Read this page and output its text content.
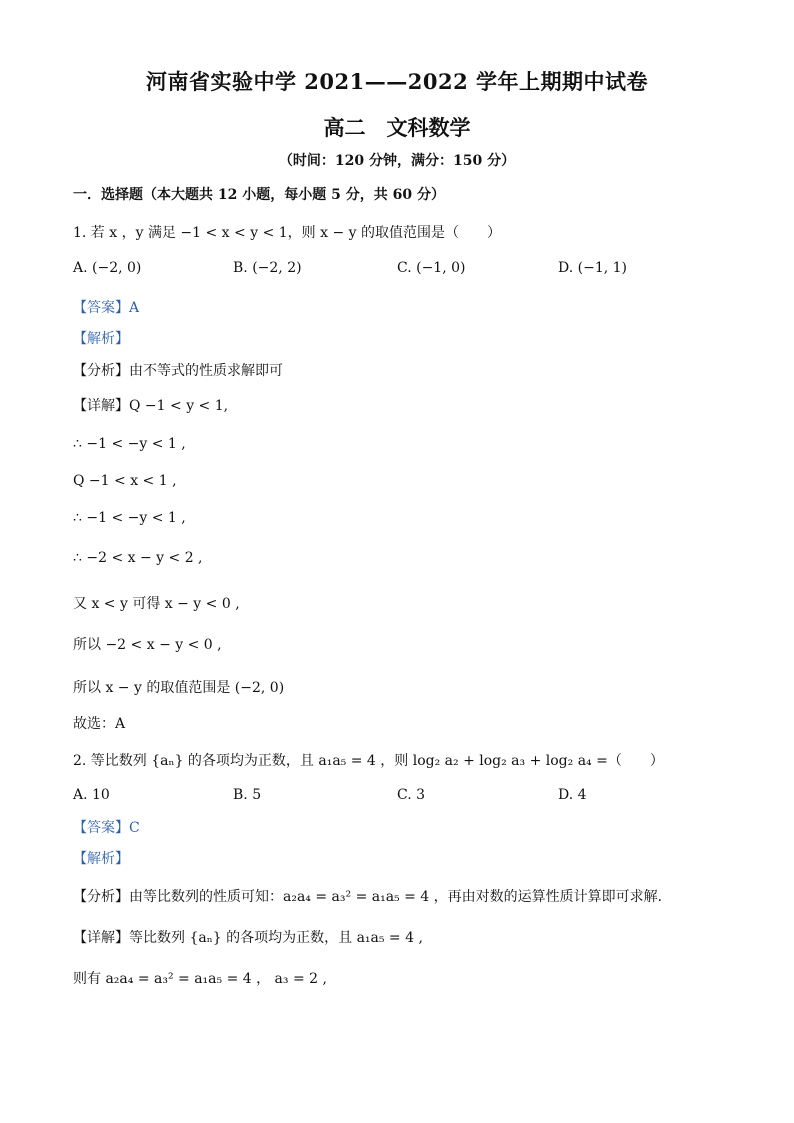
河南省实验中学 2021——2022 学年上期期中试卷
高二　文科数学
（时间：120 分钟，满分：150 分）
一．选择题（本大题共 12 小题，每小题 5 分，共 60 分）
1. 若 x ，y 满足 −1 < x < y < 1，则 x − y 的取值范围是（　　）
A. (−2, 0)	B. (−2, 2)	C. (−1, 0)	D. (−1, 1)
【答案】A
【解析】
【分析】由不等式的性质求解即可
【详解】Q −1 < y < 1,
∴ −1 < −y < 1 ,
Q −1 < x < 1 ,
∴ −1 < −y < 1 ,
∴ −2 < x − y < 2 ,
又 x < y 可得 x − y < 0 ,
所以 −2 < x − y < 0 ,
所以 x − y 的取值范围是 (−2, 0)
故选：A
2. 等比数列 {aₙ} 的各项均为正数，且 a₁a₅ = 4 ，则 log₂ a₂ + log₂ a₃ + log₂ a₄ =（　　）
A. 10	B. 5	C. 3	D. 4
【答案】C
【解析】
【分析】由等比数列的性质可知：a₂a₄ = a₃² = a₁a₅ = 4 ，再由对数的运算性质计算即可求解．
【详解】等比数列 {aₙ} 的各项均为正数，且 a₁a₅ = 4 ,
则有 a₂a₄ = a₃² = a₁a₅ = 4 ， a₃ = 2 ,
